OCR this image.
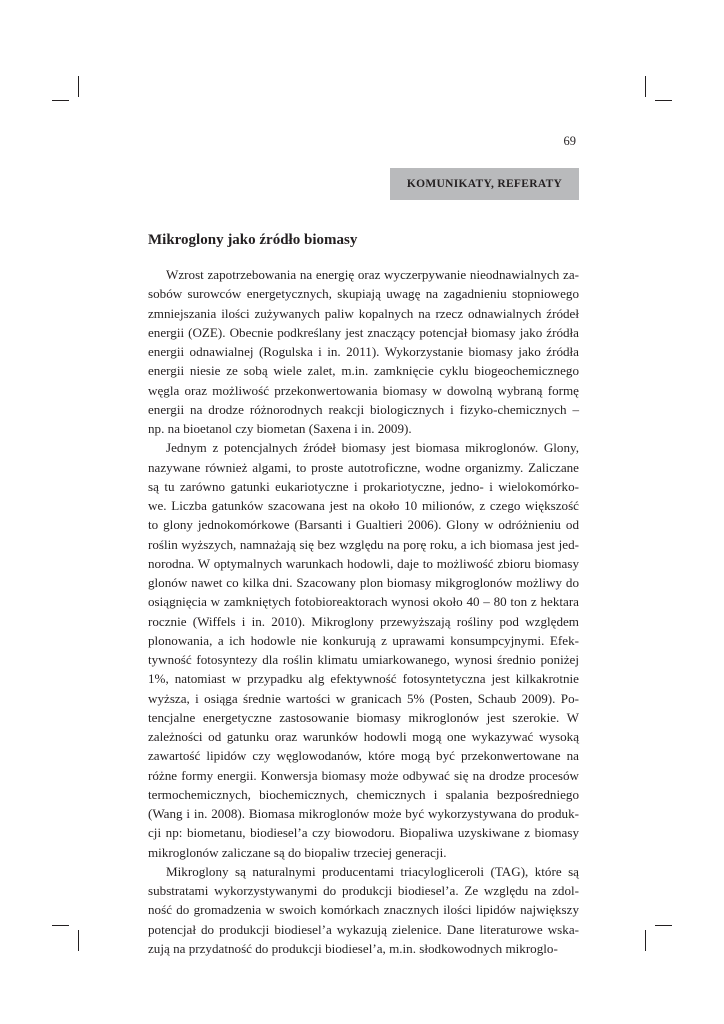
69
KOMUNIKATY, REFERATY
Mikroglony jako źródło biomasy

Wzrost zapotrzebowania na energię oraz wyczerpywanie nieodnawialnych za-
sobów surowców energetycznych, skupiają uwagę na zagadnieniu stopniowego
zmniejszania ilości zużywanych paliw kopalnych na rzecz odnawialnych źródeł
energii (OZE). Obecnie podkreślany jest znaczący potencjał biomasy jako źródła
energii odnawialnej (Rogulska i in. 2011). Wykorzystanie biomasy jako źródła
energii niesie ze sobą wiele zalet, m.in. zamknięcie cyklu biogeochemicznego
węgla oraz możliwość przekonwertowania biomasy w dowolną wybraną formę
energii na drodze różnorodnych reakcji biologicznych i fizyko-chemicznych –
np. na bioetanol czy biometan (Saxena i in. 2009).

Jednym z potencjalnych źródeł biomasy jest biomasa mikroglonów. Glony,
nazywane również algami, to proste autotroficzne, wodne organizmy. Zaliczane
są tu zarówno gatunki eukariotyczne i prokariotyczne, jedno- i wielokomórko-
we. Liczba gatunków szacowana jest na około 10 milionów, z czego większość
to glony jednokomórkowe (Barsanti i Gualtieri 2006). Glony w odróżnieniu od
roślin wyższych, namnażają się bez względu na porę roku, a ich biomasa jest jed-
norodna. W optymalnych warunkach hodowli, daje to możliwość zbioru biomasy
glonów nawet co kilka dni. Szacowany plon biomasy mikgroglonów możliwy do
osiągnięcia w zamkniętych fotobioreaktorach wynosi około 40 – 80 ton z hektara
rocznie (Wiffels i in. 2010). Mikroglony przewyższają rośliny pod względem
plonowania, a ich hodowle nie konkurują z uprawami konsumpcyjnymi. Efek-
tywność fotosyntezy dla roślin klimatu umiarkowanego, wynosi średnio poniżej
1%, natomiast w przypadku alg efektywność fotosyntetyczna jest kilkakrotnie
wyższa, i osiąga średnie wartości w granicach 5% (Posten, Schaub 2009). Po-
tencjalne energetyczne zastosowanie biomasy mikroglonów jest szerokie. W
zależności od gatunku oraz warunków hodowli mogą one wykazywać wysoką
zawartość lipidów czy węglowodanów, które mogą być przekonwertowane na
różne formy energii. Konwersja biomasy może odbywać się na drodze procesów
termochemicznych, biochemicznych, chemicznych i spalania bezpośredniego
(Wang i in. 2008). Biomasa mikroglonów może być wykorzystywana do produk-
cji np: biometanu, biodiesel’a czy biowodoru. Biopaliwa uzyskiwane z biomasy
mikroglonów zaliczane są do biopaliw trzeciej generacji.

Mikroglony są naturalnymi producentami triacylogliceroli (TAG), które są
substratami wykorzystywanymi do produkcji biodiesel’a. Ze względu na zdol-
ność do gromadzenia w swoich komórkach znacznych ilości lipidów największy
potencjał do produkcji biodiesel’a wykazują zielenice. Dane literaturowe wska-
zują na przydatność do produkcji biodiesel’a, m.in. słodkowodnych mikroglo-
